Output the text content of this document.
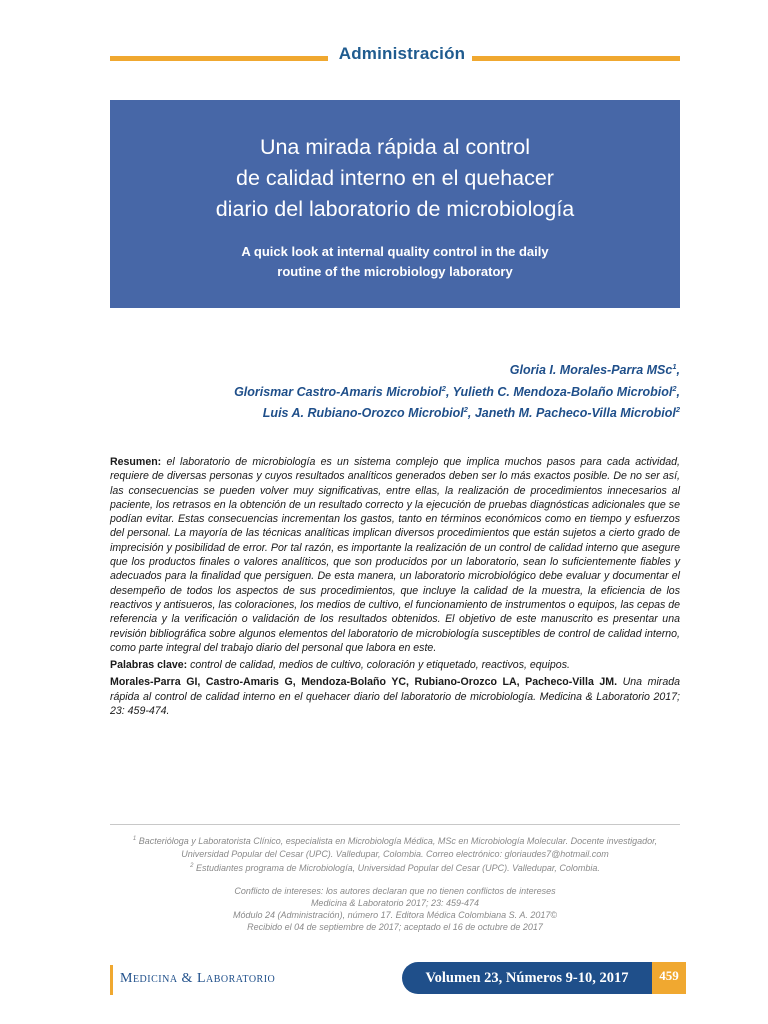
Administración
Una mirada rápida al control
de calidad interno en el quehacer
diario del laboratorio de microbiología
A quick look at internal quality control in the daily
routine of the microbiology laboratory
Gloria I. Morales-Parra MSc$^1$,
Glorismar Castro-Amaris Microbiol$^2$, Yulieth C. Mendoza-Bolaño Microbiol$^2$,
Luis A. Rubiano-Orozco Microbiol$^2$, Janeth M. Pacheco-Villa Microbiol$^2$

Resumen: el laboratorio de microbiología es un sistema complejo que implica muchos pasos para cada actividad, requiere de diversas personas y cuyos resultados analíticos generados deben ser lo más exactos posible. De no ser así, las consecuencias se pueden volver muy significativas, entre ellas, la realización de procedimientos innecesarios al paciente, los retrasos en la obtención de un resultado correcto y la ejecución de pruebas diagnósticas adicionales que se podían evitar. Estas consecuencias incrementan los gastos, tanto en términos económicos como en tiempo y esfuerzos del personal. La mayoría de las técnicas analíticas implican diversos procedimientos que están sujetos a cierto grado de imprecisión y posibilidad de error. Por tal razón, es importante la realización de un control de calidad interno que asegure que los productos finales o valores analíticos, que son producidos por un laboratorio, sean lo suficientemente fiables y adecuados para la finalidad que persiguen. De esta manera, un laboratorio microbiológico debe evaluar y documentar el desempeño de todos los aspectos de sus procedimientos, que incluye la calidad de la muestra, la eficiencia de los reactivos y antisueros, las coloraciones, los medios de cultivo, el funcionamiento de instrumentos o equipos, las cepas de referencia y la verificación o validación de los resultados obtenidos. El objetivo de este manuscrito es presentar una revisión bibliográfica sobre algunos elementos del laboratorio de microbiología susceptibles de control de calidad interno, como parte integral del trabajo diario del personal que labora en este.

Palabras clave: control de calidad, medios de cultivo, coloración y etiquetado, reactivos, equipos.

Morales-Parra GI, Castro-Amaris G, Mendoza-Bolaño YC, Rubiano-Orozco LA, Pacheco-Villa JM. Una mirada rápida al control de calidad interno en el quehacer diario del laboratorio de microbiología. Medicina & Laboratorio 2017; 23: 459-474.

$^1$ Bacterióloga y Laboratorista Clínico, especialista en Microbiología Médica, MSc en Microbiología Molecular. Docente investigador, Universidad Popular del Cesar (UPC). Valledupar, Colombia. Correo electrónico: gloriaudes7@hotmail.com
$^2$ Estudiantes programa de Microbiología, Universidad Popular del Cesar (UPC). Valledupar, Colombia.
Conflicto de intereses: los autores declaran que no tienen conflictos de intereses
Medicina & Laboratorio 2017; 23: 459-474
Módulo 24 (Administración), número 17. Editora Médica Colombiana S. A. 2017©
Recibido el 04 de septiembre de 2017; aceptado el 16 de octubre de 2017
Medicina & Laboratorio	Volumen 23, Números 9-10, 2017	459
